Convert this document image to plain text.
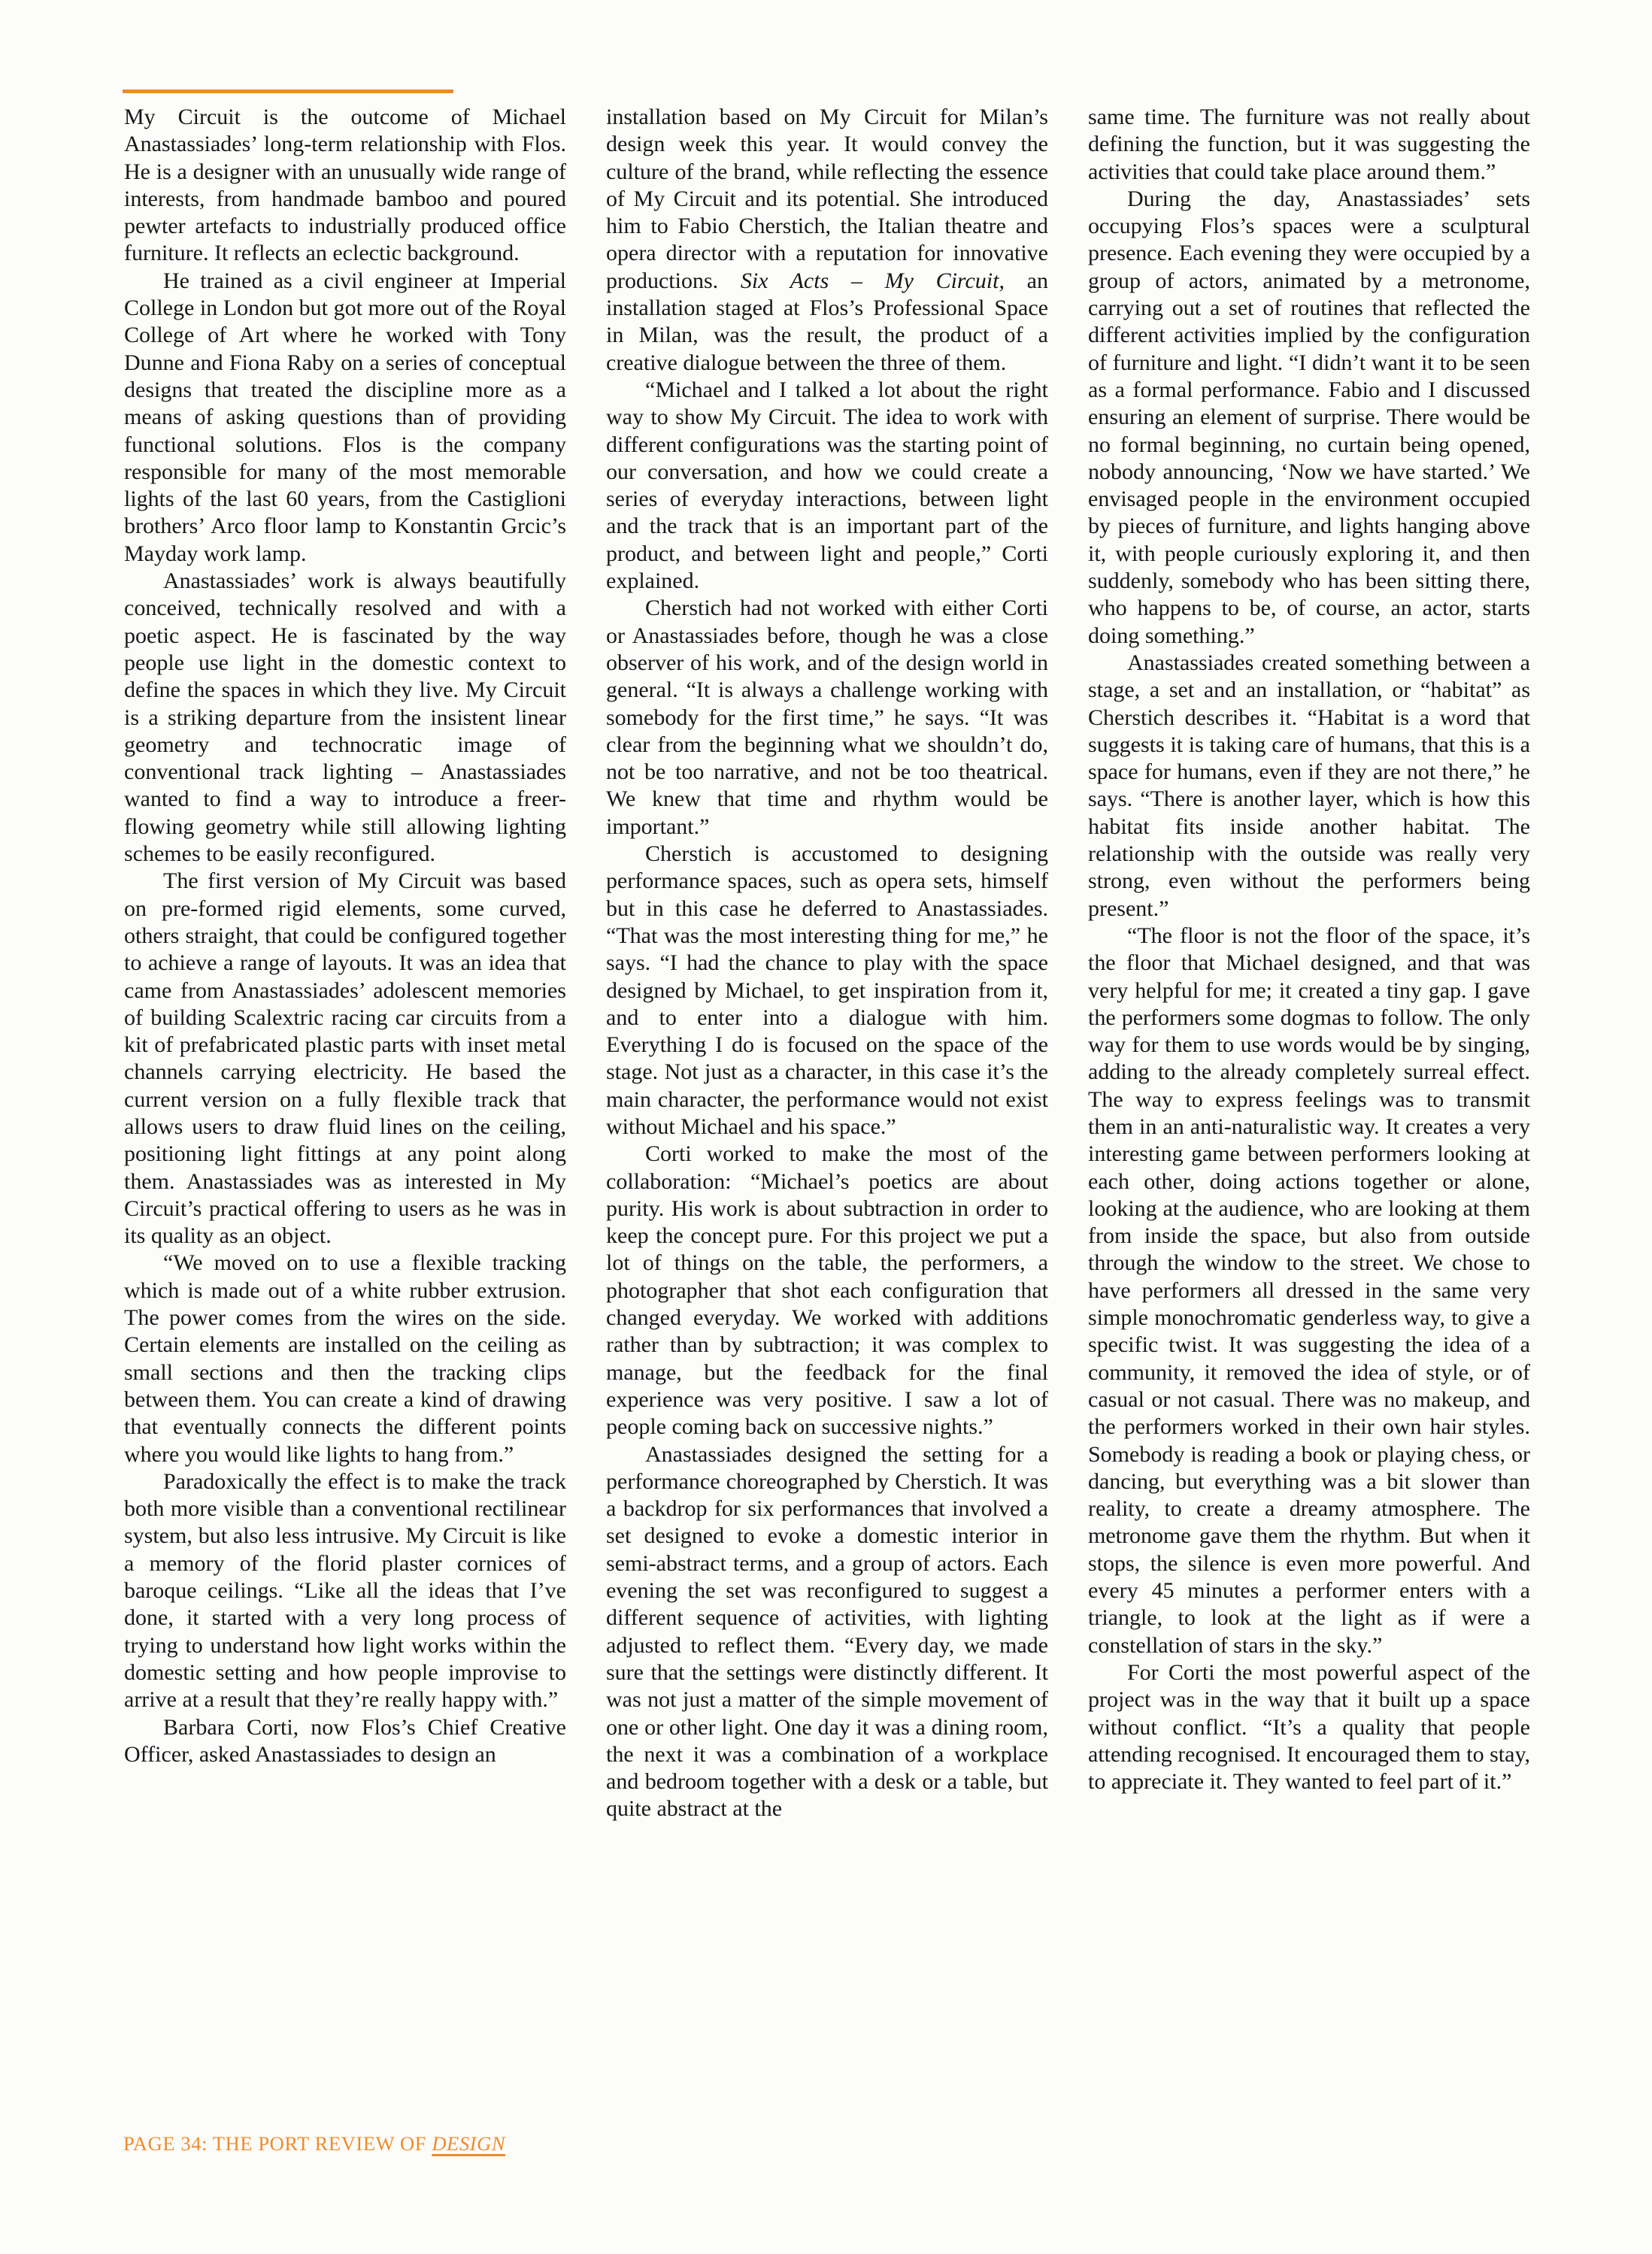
My Circuit is the outcome of Michael Anastassiades’ long-term relationship with Flos. He is a designer with an unusually wide range of interests, from handmade bamboo and poured pewter artefacts to industrially produced office furniture. It reflects an eclectic background.

He trained as a civil engineer at Imperial College in London but got more out of the Royal College of Art where he worked with Tony Dunne and Fiona Raby on a series of conceptual designs that treated the discipline more as a means of asking questions than of providing functional solutions. Flos is the company responsible for many of the most memorable lights of the last 60 years, from the Castiglioni brothers’ Arco floor lamp to Konstantin Grcic’s Mayday work lamp.

Anastassiades’ work is always beautifully conceived, technically resolved and with a poetic aspect. He is fascinated by the way people use light in the domestic context to define the spaces in which they live. My Circuit is a striking departure from the insistent linear geometry and technocratic image of conventional track lighting – Anastassiades wanted to find a way to introduce a freer-flowing geometry while still allowing lighting schemes to be easily reconfigured.

The first version of My Circuit was based on pre-formed rigid elements, some curved, others straight, that could be configured together to achieve a range of layouts. It was an idea that came from Anastassiades’ adolescent memories of building Scalextric racing car circuits from a kit of prefabricated plastic parts with inset metal channels carrying electricity. He based the current version on a fully flexible track that allows users to draw fluid lines on the ceiling, positioning light fittings at any point along them. Anastassiades was as interested in My Circuit’s practical offering to users as he was in its quality as an object.

“We moved on to use a flexible tracking which is made out of a white rubber extrusion. The power comes from the wires on the side. Certain elements are installed on the ceiling as small sections and then the tracking clips between them. You can create a kind of drawing that eventually connects the different points where you would like lights to hang from.”

Paradoxically the effect is to make the track both more visible than a conventional rectilinear system, but also less intrusive. My Circuit is like a memory of the florid plaster cornices of baroque ceilings. “Like all the ideas that I’ve done, it started with a very long process of trying to understand how light works within the domestic setting and how people improvise to arrive at a result that they’re really happy with.”

Barbara Corti, now Flos’s Chief Creative Officer, asked Anastassiades to design an

installation based on My Circuit for Milan’s design week this year. It would convey the culture of the brand, while reflecting the essence of My Circuit and its potential. She introduced him to Fabio Cherstich, the Italian theatre and opera director with a reputation for innovative productions. Six Acts – My Circuit, an installation staged at Flos’s Professional Space in Milan, was the result, the product of a creative dialogue between the three of them.

“Michael and I talked a lot about the right way to show My Circuit. The idea to work with different configurations was the starting point of our conversation, and how we could create a series of everyday interactions, between light and the track that is an important part of the product, and between light and people,” Corti explained.

Cherstich had not worked with either Corti or Anastassiades before, though he was a close observer of his work, and of the design world in general. “It is always a challenge working with somebody for the first time,” he says. “It was clear from the beginning what we shouldn’t do, not be too narrative, and not be too theatrical. We knew that time and rhythm would be important.”

Cherstich is accustomed to designing performance spaces, such as opera sets, himself but in this case he deferred to Anastassiades. “That was the most interesting thing for me,” he says. “I had the chance to play with the space designed by Michael, to get inspiration from it, and to enter into a dialogue with him. Everything I do is focused on the space of the stage. Not just as a character, in this case it’s the main character, the performance would not exist without Michael and his space.”

Corti worked to make the most of the collaboration: “Michael’s poetics are about purity. His work is about subtraction in order to keep the concept pure. For this project we put a lot of things on the table, the performers, a photographer that shot each configuration that changed everyday. We worked with additions rather than by subtraction; it was complex to manage, but the feedback for the final experience was very positive. I saw a lot of people coming back on successive nights.”

Anastassiades designed the setting for a performance choreographed by Cherstich. It was a backdrop for six performances that involved a set designed to evoke a domestic interior in semi-abstract terms, and a group of actors. Each evening the set was reconfigured to suggest a different sequence of activities, with lighting adjusted to reflect them. “Every day, we made sure that the settings were distinctly different. It was not just a matter of the simple movement of one or other light. One day it was a dining room, the next it was a combination of a workplace and bedroom together with a desk or a table, but quite abstract at the

same time. The furniture was not really about defining the function, but it was suggesting the activities that could take place around them.”

During the day, Anastassiades’ sets occupying Flos’s spaces were a sculptural presence. Each evening they were occupied by a group of actors, animated by a metronome, carrying out a set of routines that reflected the different activities implied by the configuration of furniture and light. “I didn’t want it to be seen as a formal performance. Fabio and I discussed ensuring an element of surprise. There would be no formal beginning, no curtain being opened, nobody announcing, ‘Now we have started.’ We envisaged people in the environment occupied by pieces of furniture, and lights hanging above it, with people curiously exploring it, and then suddenly, somebody who has been sitting there, who happens to be, of course, an actor, starts doing something.”

Anastassiades created something between a stage, a set and an installation, or “habitat” as Cherstich describes it. “Habitat is a word that suggests it is taking care of humans, that this is a space for humans, even if they are not there,” he says. “There is another layer, which is how this habitat fits inside another habitat. The relationship with the outside was really very strong, even without the performers being present.”

“The floor is not the floor of the space, it’s the floor that Michael designed, and that was very helpful for me; it created a tiny gap. I gave the performers some dogmas to follow. The only way for them to use words would be by singing, adding to the already completely surreal effect. The way to express feelings was to transmit them in an anti-naturalistic way. It creates a very interesting game between performers looking at each other, doing actions together or alone, looking at the audience, who are looking at them from inside the space, but also from outside through the window to the street. We chose to have performers all dressed in the same very simple monochromatic genderless way, to give a specific twist. It was suggesting the idea of a community, it removed the idea of style, or of casual or not casual. There was no makeup, and the performers worked in their own hair styles. Somebody is reading a book or playing chess, or dancing, but everything was a bit slower than reality, to create a dreamy atmosphere. The metronome gave them the rhythm. But when it stops, the silence is even more powerful. And every 45 minutes a performer enters with a triangle, to look at the light as if were a constellation of stars in the sky.”

For Corti the most powerful aspect of the project was in the way that it built up a space without conflict. “It’s a quality that people attending recognised. It encouraged them to stay, to appreciate it. They wanted to feel part of it.”

PAGE 34: THE PORT REVIEW OF DESIGN
